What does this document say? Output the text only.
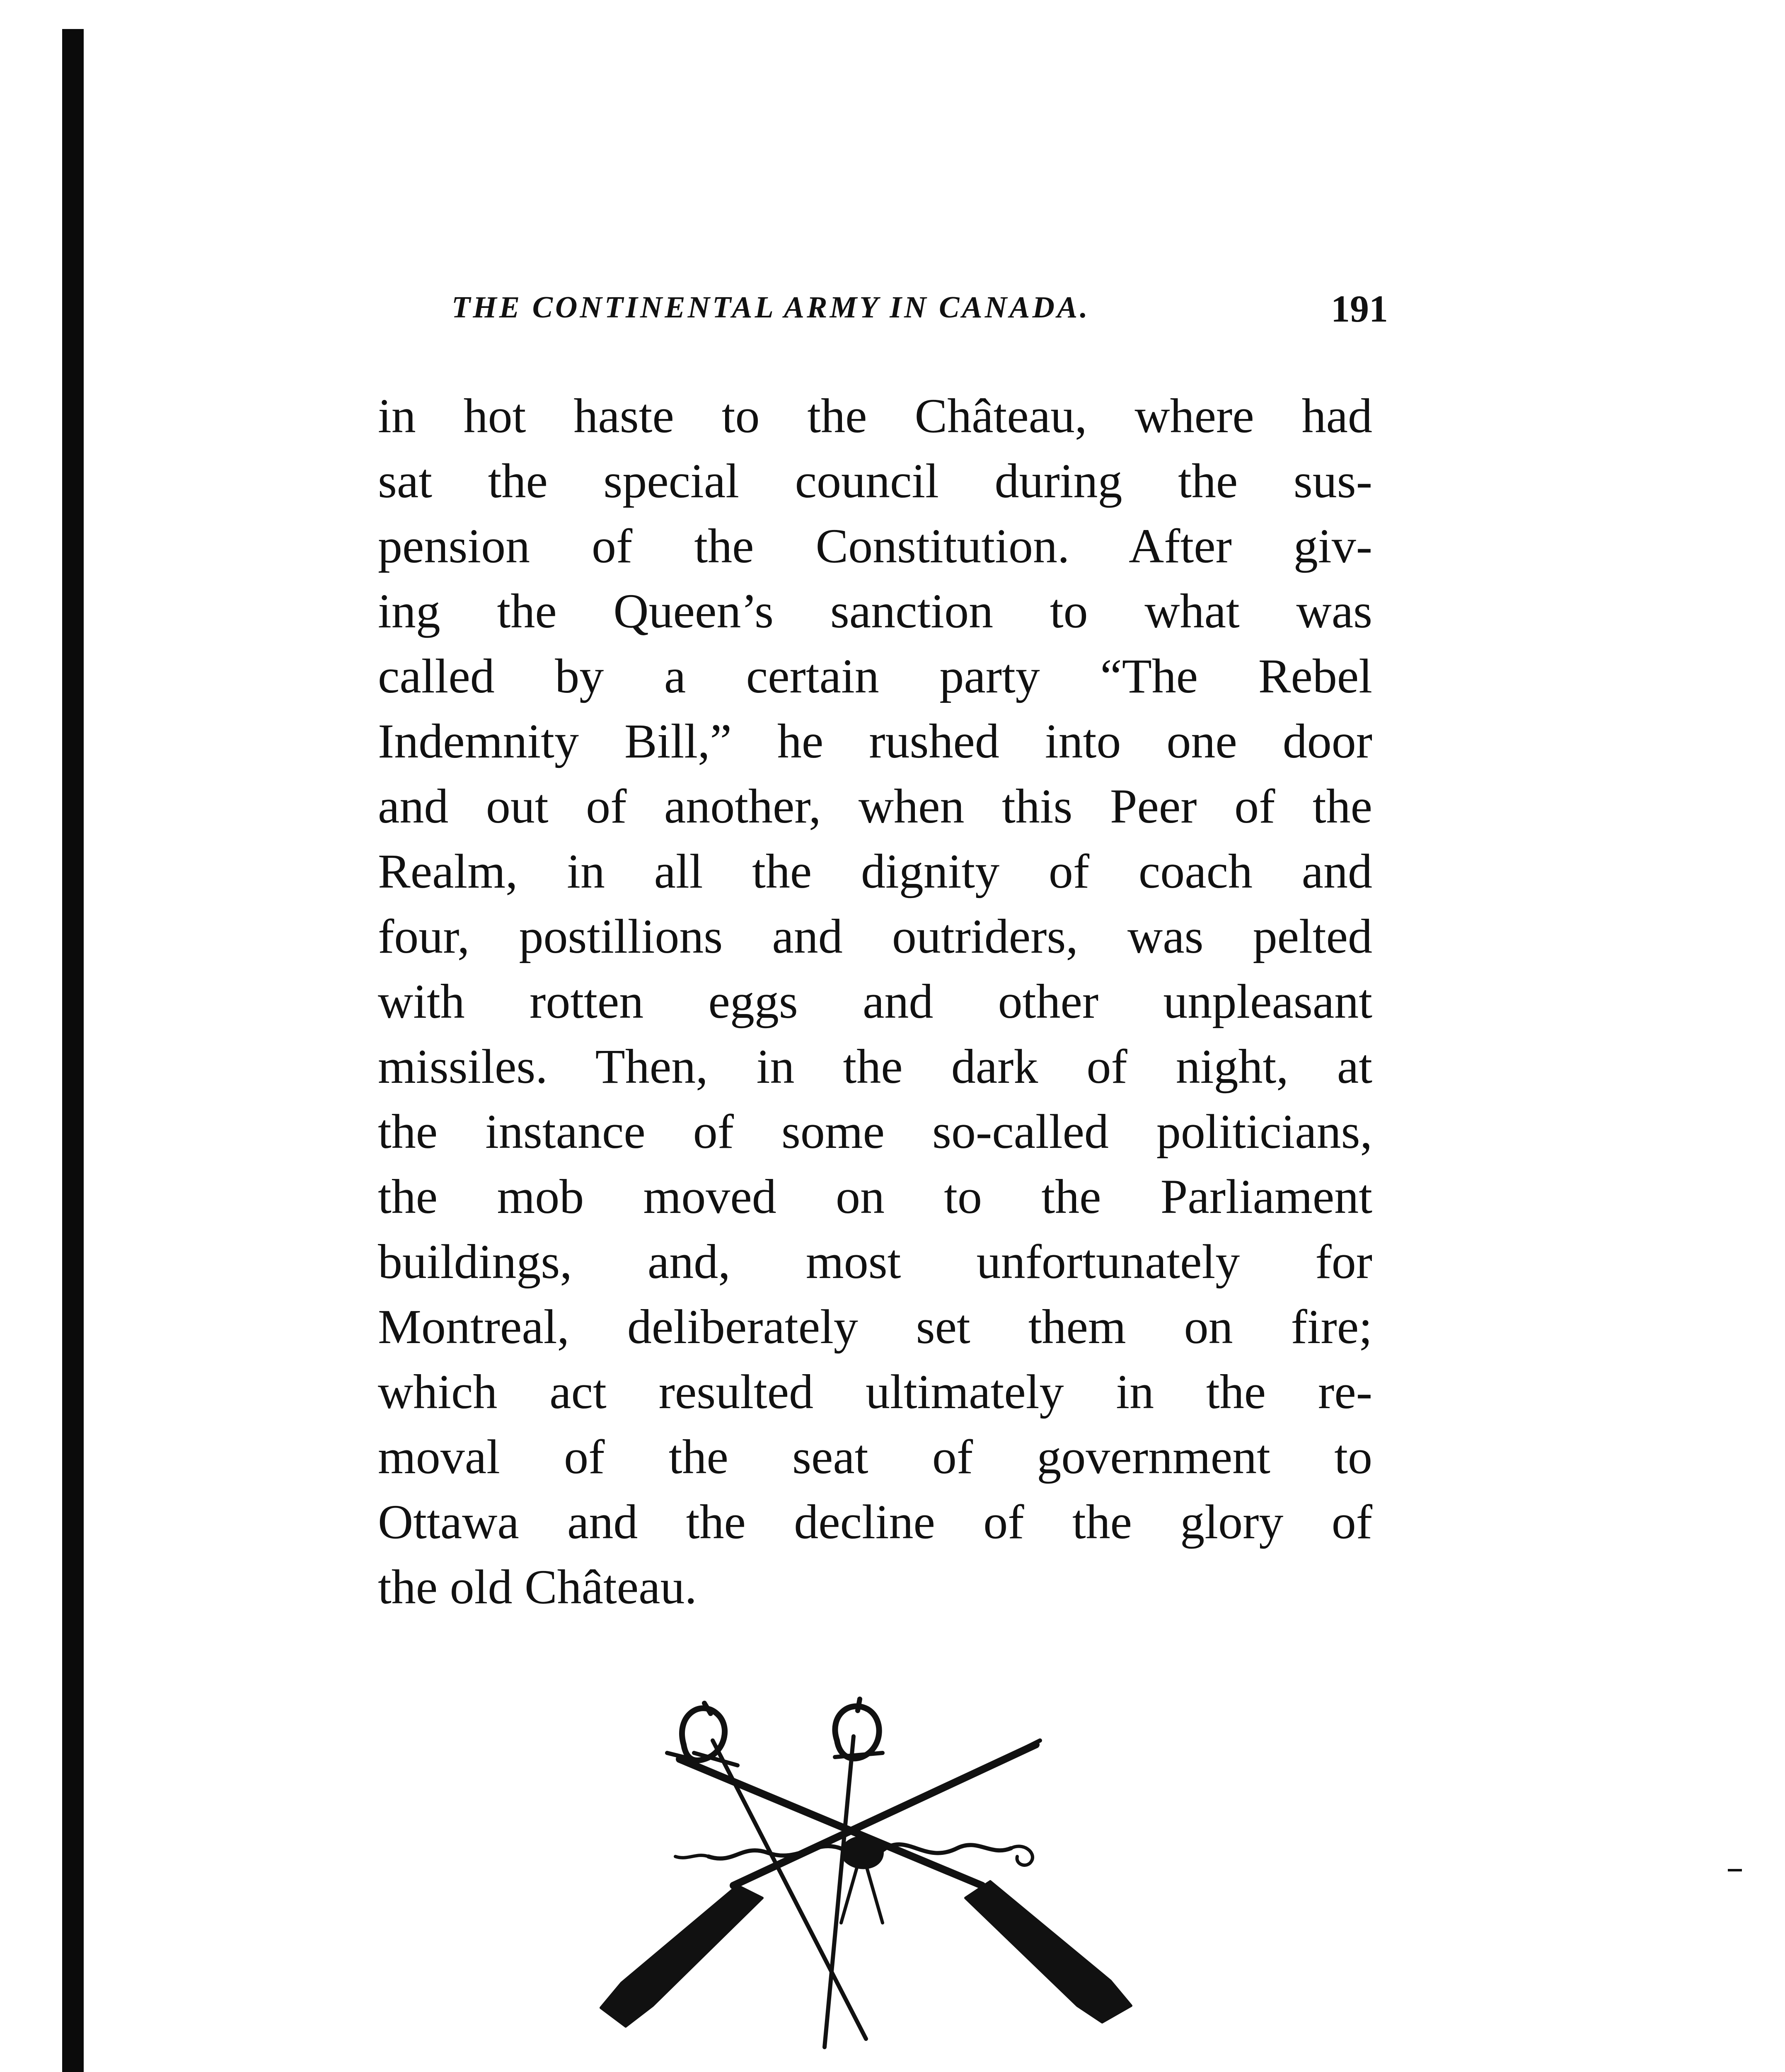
THE CONTINENTAL ARMY IN CANADA.	191
in hot haste to the Château, where had
sat the special council during the sus-
pension of the Constitution. After giv-
ing the Queen’s sanction to what was
called by a certain party “The Rebel
Indemnity Bill,” he rushed into one door
and out of another, when this Peer of the
Realm, in all the dignity of coach and
four, postillions and outriders, was pelted
with rotten eggs and other unpleasant
missiles. Then, in the dark of night, at
the instance of some so-called politicians,
the mob moved on to the Parliament
buildings, and, most unfortunately for
Montreal, deliberately set them on fire;
which act resulted ultimately in the re-
moval of the seat of government to
Ottawa and the decline of the glory of
the old Château.
